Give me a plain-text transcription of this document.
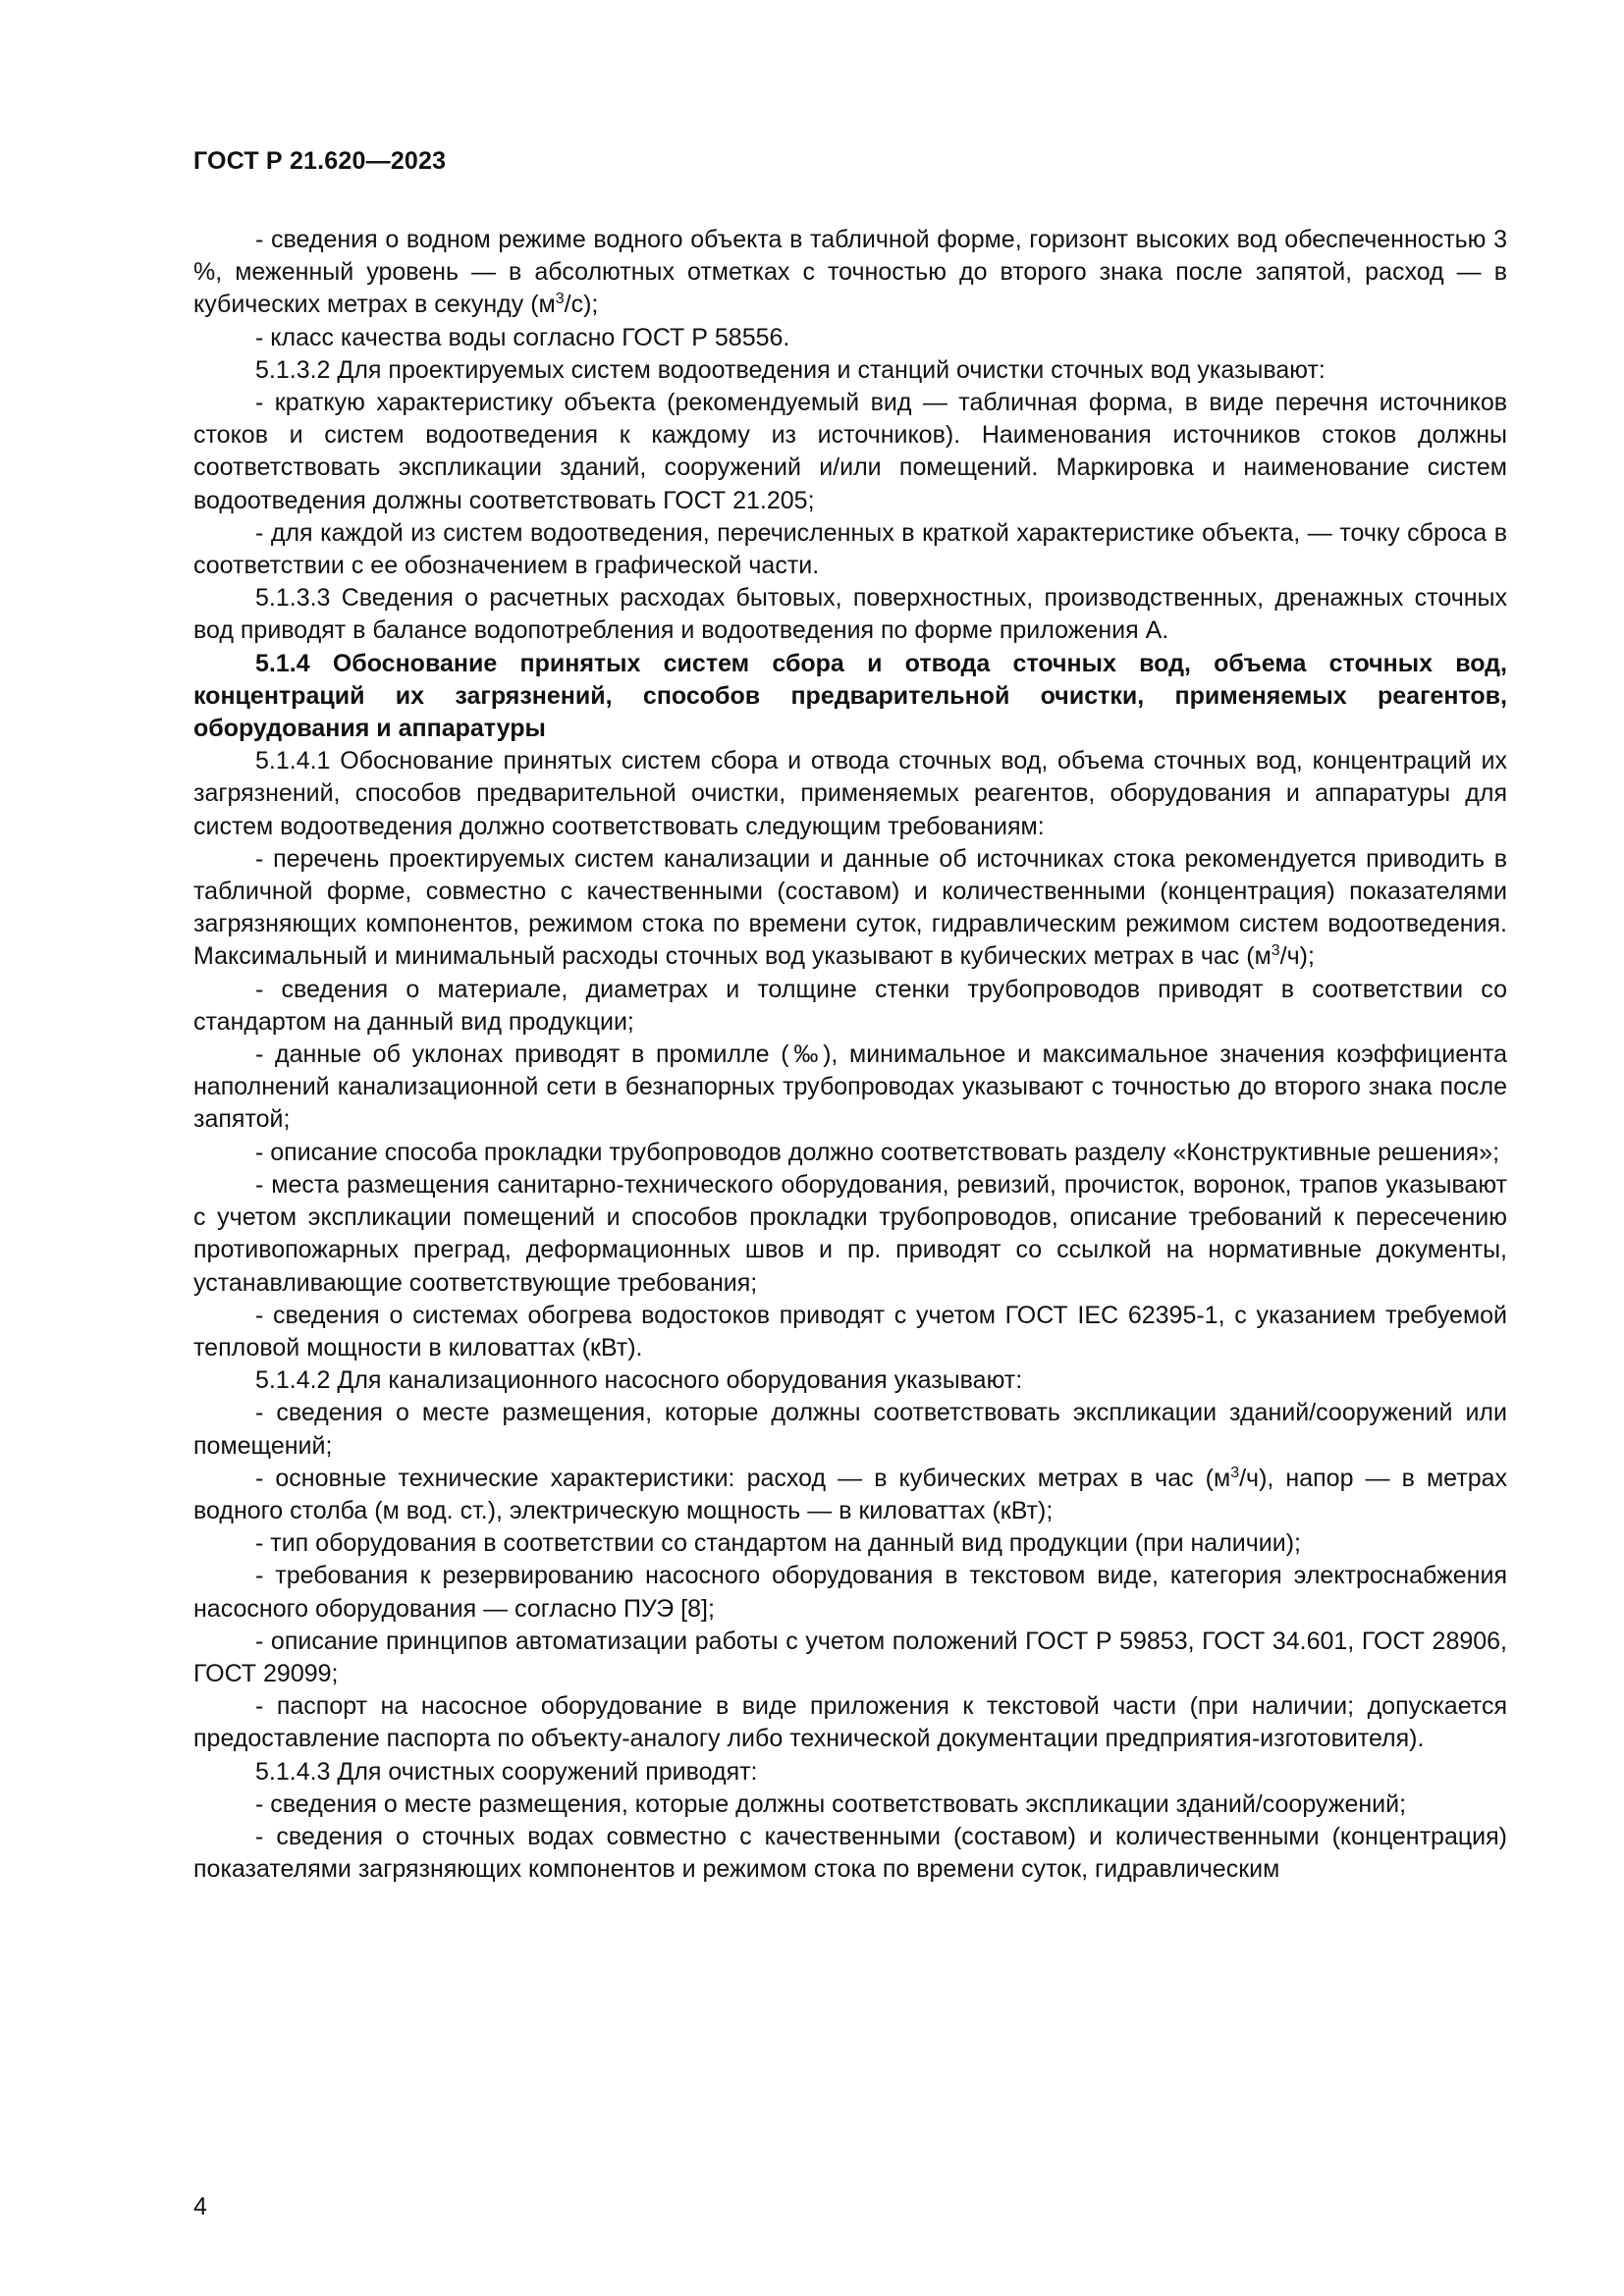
ГОСТ Р 21.620—2023

- сведения о водном режиме водного объекта в табличной форме, горизонт высоких вод обеспеченностью 3 %, меженный уровень — в абсолютных отметках с точностью до второго знака после запятой, расход — в кубических метрах в секунду $(м^3/с)$;

- класс качества воды согласно ГОСТ Р 58556.

5.1.3.2 Для проектируемых систем водоотведения и станций очистки сточных вод указывают:

- краткую характеристику объекта (рекомендуемый вид — табличная форма, в виде перечня источников стоков и систем водоотведения к каждому из источников). Наименования источников стоков должны соответствовать экспликации зданий, сооружений и/или помещений. Маркировка и наименование систем водоотведения должны соответствовать ГОСТ 21.205;

- для каждой из систем водоотведения, перечисленных в краткой характеристике объекта, — точку сброса в соответствии с ее обозначением в графической части.

5.1.3.3 Сведения о расчетных расходах бытовых, поверхностных, производственных, дренажных сточных вод приводят в балансе водопотребления и водоотведения по форме приложения А.

5.1.4 Обоснование принятых систем сбора и отвода сточных вод, объема сточных вод, концентраций их загрязнений, способов предварительной очистки, применяемых реагентов, оборудования и аппаратуры

5.1.4.1 Обоснование принятых систем сбора и отвода сточных вод, объема сточных вод, концентраций их загрязнений, способов предварительной очистки, применяемых реагентов, оборудования и аппаратуры для систем водоотведения должно соответствовать следующим требованиям:

- перечень проектируемых систем канализации и данные об источниках стока рекомендуется приводить в табличной форме, совместно с качественными (составом) и количественными (концентрация) показателями загрязняющих компонентов, режимом стока по времени суток, гидравлическим режимом систем водоотведения. Максимальный и минимальный расходы сточных вод указывают в кубических метрах в час $(м^3/ч)$;

- сведения о материале, диаметрах и толщине стенки трубопроводов приводят в соответствии со стандартом на данный вид продукции;

- данные об уклонах приводят в промилле (‰), минимальное и максимальное значения коэффициента наполнений канализационной сети в безнапорных трубопроводах указывают с точностью до второго знака после запятой;

- описание способа прокладки трубопроводов должно соответствовать разделу «Конструктивные решения»;

- места размещения санитарно-технического оборудования, ревизий, прочисток, воронок, трапов указывают с учетом экспликации помещений и способов прокладки трубопроводов, описание требований к пересечению противопожарных преград, деформационных швов и пр. приводят со ссылкой на нормативные документы, устанавливающие соответствующие требования;

- сведения о системах обогрева водостоков приводят с учетом ГОСТ IEC 62395-1, с указанием требуемой тепловой мощности в киловаттах (кВт).

5.1.4.2 Для канализационного насосного оборудования указывают:

- сведения о месте размещения, которые должны соответствовать экспликации зданий/сооружений или помещений;

- основные технические характеристики: расход — в кубических метрах в час $(м^3/ч)$, напор — в метрах водного столба (м вод. ст.), электрическую мощность — в киловаттах (кВт);

- тип оборудования в соответствии со стандартом на данный вид продукции (при наличии);

- требования к резервированию насосного оборудования в текстовом виде, категория электроснабжения насосного оборудования — согласно ПУЭ [8];

- описание принципов автоматизации работы с учетом положений ГОСТ Р 59853, ГОСТ 34.601, ГОСТ 28906, ГОСТ 29099;

- паспорт на насосное оборудование в виде приложения к текстовой части (при наличии; допускается предоставление паспорта по объекту-аналогу либо технической документации предприятия-изготовителя).

5.1.4.3 Для очистных сооружений приводят:

- сведения о месте размещения, которые должны соответствовать экспликации зданий/сооружений;

- сведения о сточных водах совместно с качественными (составом) и количественными (концентрация) показателями загрязняющих компонентов и режимом стока по времени суток, гидравлическим

4
